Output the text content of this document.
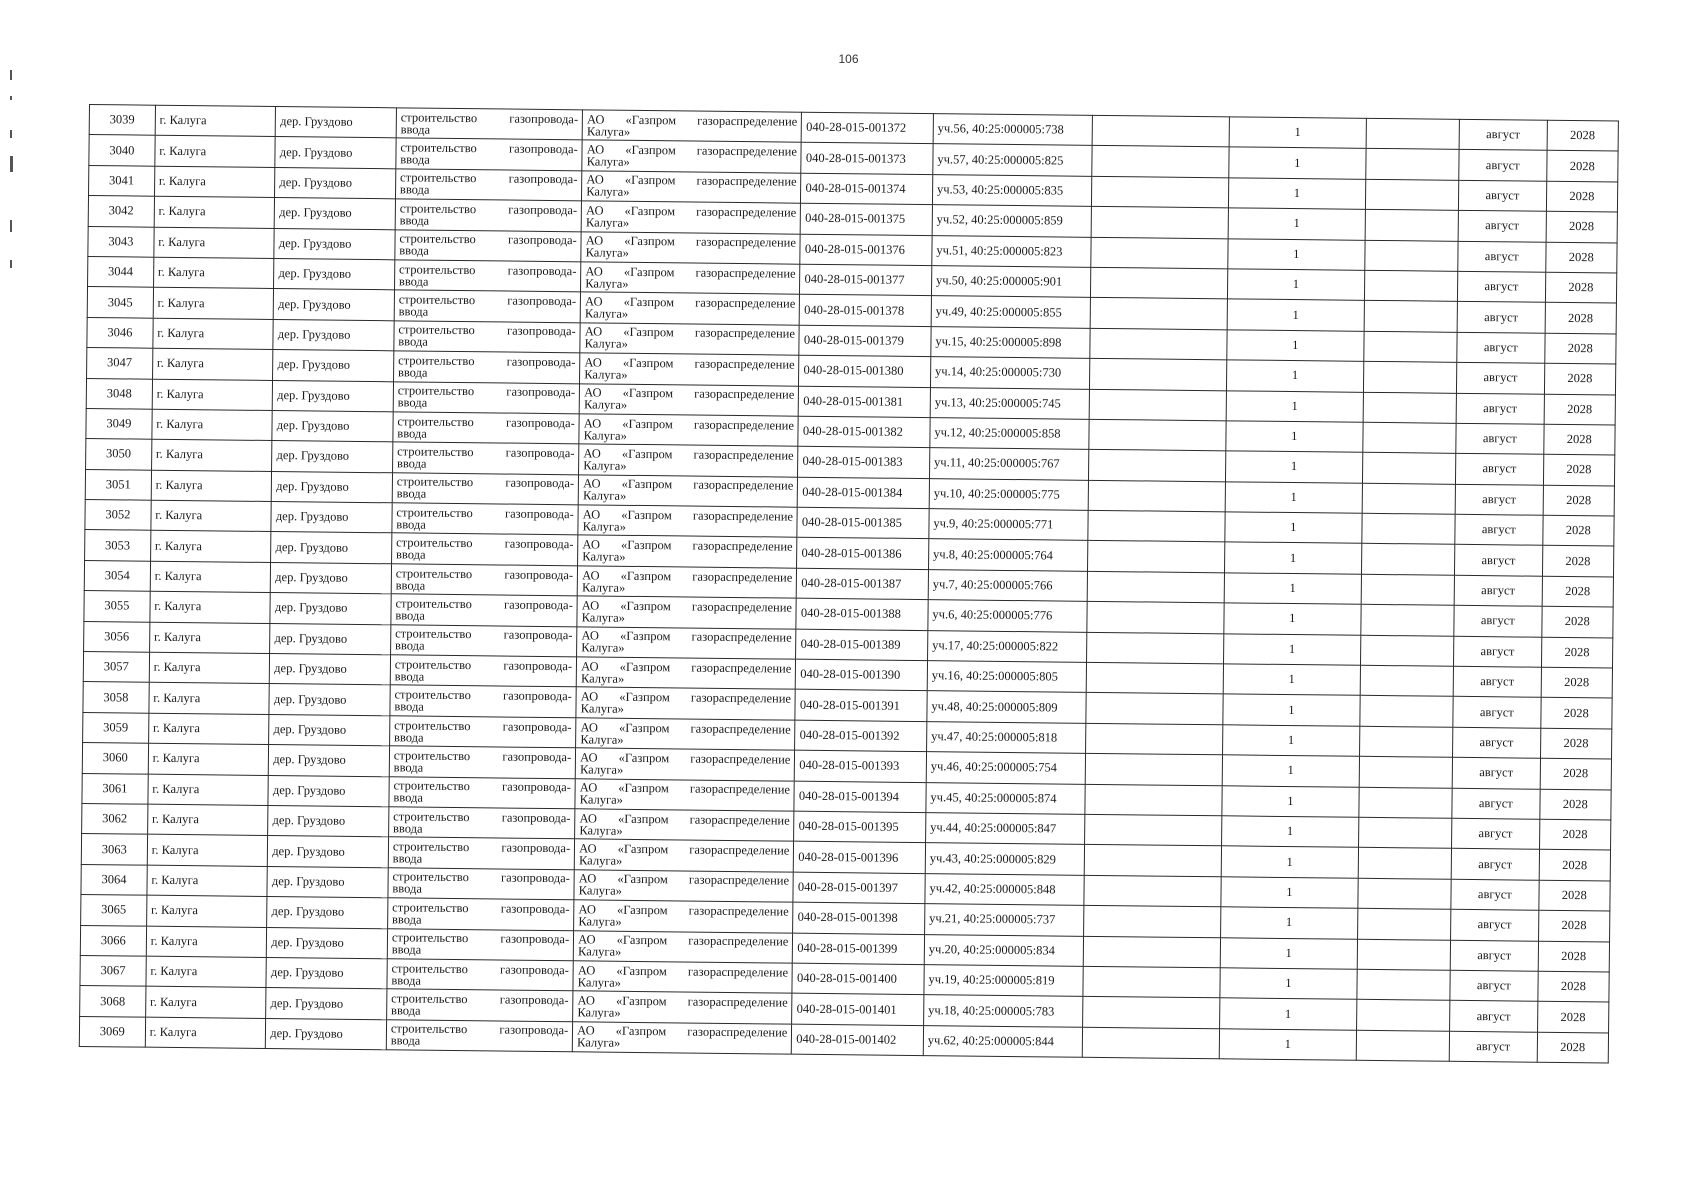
106
3039	г. Калуга	дер. Груздово	строительство газопровода-
ввода	АО «Газпром газораспределение
Калуга»	040-28-015-001372	уч.56, 40:25:000005:738		1		август	2028
3040	г. Калуга	дер. Груздово	строительство газопровода-
ввода	АО «Газпром газораспределение
Калуга»	040-28-015-001373	уч.57, 40:25:000005:825		1		август	2028
3041	г. Калуга	дер. Груздово	строительство газопровода-
ввода	АО «Газпром газораспределение
Калуга»	040-28-015-001374	уч.53, 40:25:000005:835		1		август	2028
3042	г. Калуга	дер. Груздово	строительство газопровода-
ввода	АО «Газпром газораспределение
Калуга»	040-28-015-001375	уч.52, 40:25:000005:859		1		август	2028
3043	г. Калуга	дер. Груздово	строительство газопровода-
ввода	АО «Газпром газораспределение
Калуга»	040-28-015-001376	уч.51, 40:25:000005:823		1		август	2028
3044	г. Калуга	дер. Груздово	строительство газопровода-
ввода	АО «Газпром газораспределение
Калуга»	040-28-015-001377	уч.50, 40:25:000005:901		1		август	2028
3045	г. Калуга	дер. Груздово	строительство газопровода-
ввода	АО «Газпром газораспределение
Калуга»	040-28-015-001378	уч.49, 40:25:000005:855		1		август	2028
3046	г. Калуга	дер. Груздово	строительство газопровода-
ввода	АО «Газпром газораспределение
Калуга»	040-28-015-001379	уч.15, 40:25:000005:898		1		август	2028
3047	г. Калуга	дер. Груздово	строительство газопровода-
ввода	АО «Газпром газораспределение
Калуга»	040-28-015-001380	уч.14, 40:25:000005:730		1		август	2028
3048	г. Калуга	дер. Груздово	строительство газопровода-
ввода	АО «Газпром газораспределение
Калуга»	040-28-015-001381	уч.13, 40:25:000005:745		1		август	2028
3049	г. Калуга	дер. Груздово	строительство газопровода-
ввода	АО «Газпром газораспределение
Калуга»	040-28-015-001382	уч.12, 40:25:000005:858		1		август	2028
3050	г. Калуга	дер. Груздово	строительство газопровода-
ввода	АО «Газпром газораспределение
Калуга»	040-28-015-001383	уч.11, 40:25:000005:767		1		август	2028
3051	г. Калуга	дер. Груздово	строительство газопровода-
ввода	АО «Газпром газораспределение
Калуга»	040-28-015-001384	уч.10, 40:25:000005:775		1		август	2028
3052	г. Калуга	дер. Груздово	строительство газопровода-
ввода	АО «Газпром газораспределение
Калуга»	040-28-015-001385	уч.9, 40:25:000005:771		1		август	2028
3053	г. Калуга	дер. Груздово	строительство газопровода-
ввода	АО «Газпром газораспределение
Калуга»	040-28-015-001386	уч.8, 40:25:000005:764		1		август	2028
3054	г. Калуга	дер. Груздово	строительство газопровода-
ввода	АО «Газпром газораспределение
Калуга»	040-28-015-001387	уч.7, 40:25:000005:766		1		август	2028
3055	г. Калуга	дер. Груздово	строительство газопровода-
ввода	АО «Газпром газораспределение
Калуга»	040-28-015-001388	уч.6, 40:25:000005:776		1		август	2028
3056	г. Калуга	дер. Груздово	строительство газопровода-
ввода	АО «Газпром газораспределение
Калуга»	040-28-015-001389	уч.17, 40:25:000005:822		1		август	2028
3057	г. Калуга	дер. Груздово	строительство газопровода-
ввода	АО «Газпром газораспределение
Калуга»	040-28-015-001390	уч.16, 40:25:000005:805		1		август	2028
3058	г. Калуга	дер. Груздово	строительство газопровода-
ввода	АО «Газпром газораспределение
Калуга»	040-28-015-001391	уч.48, 40:25:000005:809		1		август	2028
3059	г. Калуга	дер. Груздово	строительство газопровода-
ввода	АО «Газпром газораспределение
Калуга»	040-28-015-001392	уч.47, 40:25:000005:818		1		август	2028
3060	г. Калуга	дер. Груздово	строительство газопровода-
ввода	АО «Газпром газораспределение
Калуга»	040-28-015-001393	уч.46, 40:25:000005:754		1		август	2028
3061	г. Калуга	дер. Груздово	строительство газопровода-
ввода	АО «Газпром газораспределение
Калуга»	040-28-015-001394	уч.45, 40:25:000005:874		1		август	2028
3062	г. Калуга	дер. Груздово	строительство газопровода-
ввода	АО «Газпром газораспределение
Калуга»	040-28-015-001395	уч.44, 40:25:000005:847		1		август	2028
3063	г. Калуга	дер. Груздово	строительство газопровода-
ввода	АО «Газпром газораспределение
Калуга»	040-28-015-001396	уч.43, 40:25:000005:829		1		август	2028
3064	г. Калуга	дер. Груздово	строительство газопровода-
ввода	АО «Газпром газораспределение
Калуга»	040-28-015-001397	уч.42, 40:25:000005:848		1		август	2028
3065	г. Калуга	дер. Груздово	строительство газопровода-
ввода	АО «Газпром газораспределение
Калуга»	040-28-015-001398	уч.21, 40:25:000005:737		1		август	2028
3066	г. Калуга	дер. Груздово	строительство газопровода-
ввода	АО «Газпром газораспределение
Калуга»	040-28-015-001399	уч.20, 40:25:000005:834		1		август	2028
3067	г. Калуга	дер. Груздово	строительство газопровода-
ввода	АО «Газпром газораспределение
Калуга»	040-28-015-001400	уч.19, 40:25:000005:819		1		август	2028
3068	г. Калуга	дер. Груздово	строительство газопровода-
ввода	АО «Газпром газораспределение
Калуга»	040-28-015-001401	уч.18, 40:25:000005:783		1		август	2028
3069	г. Калуга	дер. Груздово	строительство газопровода-
ввода	АО «Газпром газораспределение
Калуга»	040-28-015-001402	уч.62, 40:25:000005:844		1		август	2028
